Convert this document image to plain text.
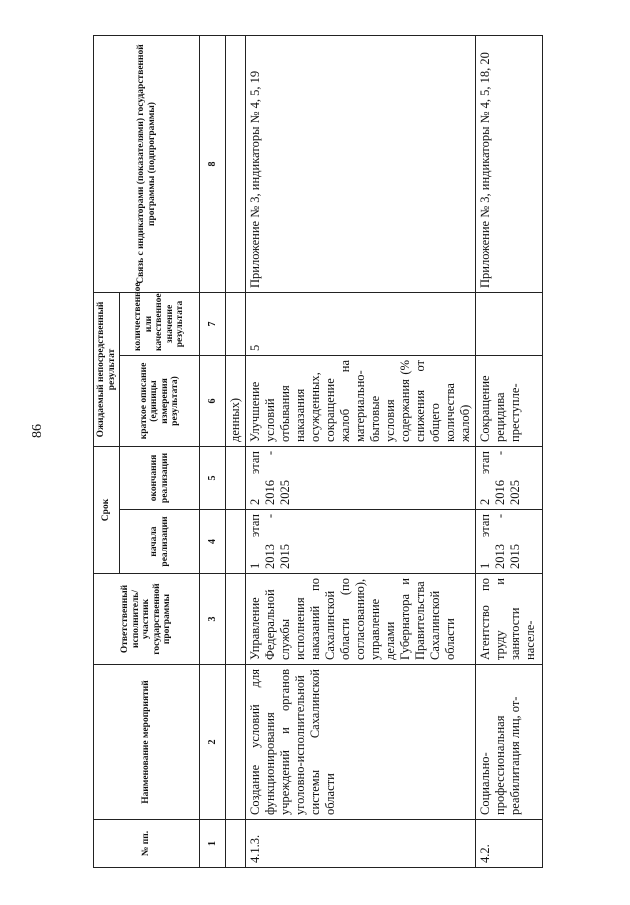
86
№ пп.	Наименование мероприятий	Ответственный исполнитель/ участник государственной программы	Срок		Ожидаемый непосредственный результат		Связь с индикаторами (показателями) государственной программы (подпрограммы)
			начала реализации	окончания реализации	краткое описание (единицы измерения результата)	количественное или качественное значение результата	
1	2	3	4	5	6	7	8
					денных)		
4.1.3.	Создание условий для функционирования учреждений и органов уголовно-исполнительной системы Сахалинской области	Управление Федеральной службы исполнения наказаний по Сахалинской области (по согласованию), управление делами Губернатора и Правительства Сахалинской области	1 этап 2013 - 2015	2 этап 2016 - 2025	Улучшение условий отбывания наказания осужденных, сокращение жалоб на материально-бытовые условия содержания (% снижения от общего количества жалоб)	5	Приложение № 3, индикаторы № 4, 5, 19
4.2.	Социально-профессиональная реабилитация лиц, от-	Агентство по труду и занятости населе-	1 этап 2013 - 2015	2 этап 2016 - 2025	Сокращение рецидива преступле-		Приложение № 3, индикаторы № 4, 5, 18, 20
